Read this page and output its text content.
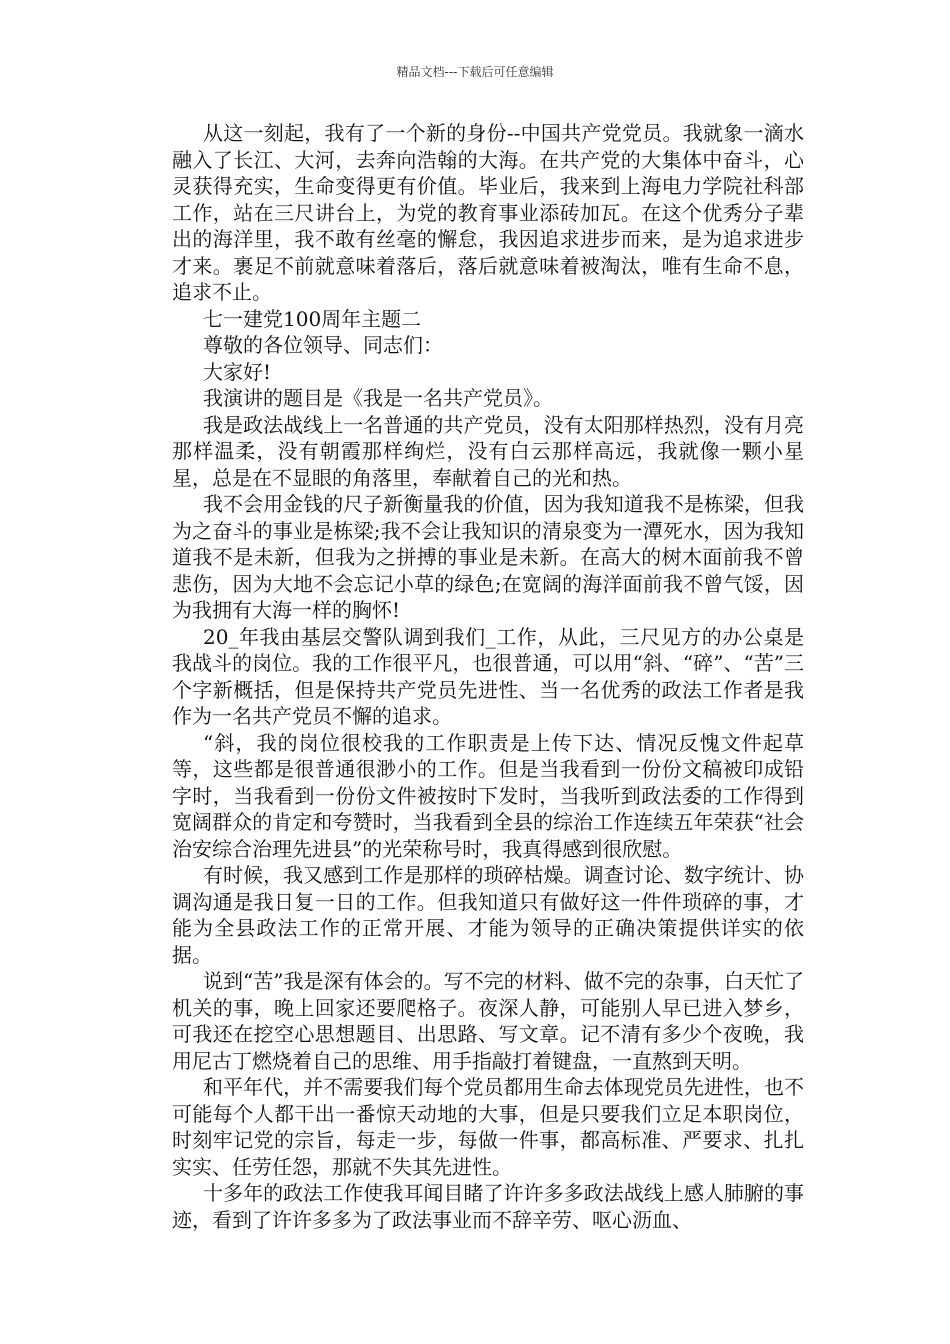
精品文档---下载后可任意编辑

从这一刻起，我有了一个新的身份--中国共产党党员。我就象一滴水融入了长江、大河，去奔向浩翰的大海。在共产党的大集体中奋斗，心灵获得充实，生命变得更有价值。毕业后，我来到上海电力学院社科部工作，站在三尺讲台上，为党的教育事业添砖加瓦。在这个优秀分子辈出的海洋里，我不敢有丝毫的懈怠，我因追求进步而来，是为追求进步才来。裹足不前就意味着落后，落后就意味着被淘汰，唯有生命不息，追求不止。

七一建党100周年主题二

尊敬的各位领导、同志们：

大家好!

我演讲的题目是《我是一名共产党员》。

我是政法战线上一名普通的共产党员，没有太阳那样热烈，没有月亮那样温柔，没有朝霞那样绚烂，没有白云那样高远，我就像一颗小星星，总是在不显眼的角落里，奉献着自己的光和热。

我不会用金钱的尺子新衡量我的价值，因为我知道我不是栋梁，但我为之奋斗的事业是栋梁;我不会让我知识的清泉变为一潭死水，因为我知道我不是未新，但我为之拼搏的事业是未新。在高大的树木面前我不曾悲伤，因为大地不会忘记小草的绿色;在宽阔的海洋面前我不曾气馁，因为我拥有大海一样的胸怀!

20_年我由基层交警队调到我们_工作，从此，三尺见方的办公桌是我战斗的岗位。我的工作很平凡，也很普通，可以用“斜、“碎”、“苦”三个字新概括，但是保持共产党员先进性、当一名优秀的政法工作者是我作为一名共产党员不懈的追求。

“斜，我的岗位很校我的工作职责是上传下达、情况反愧文件起草等，这些都是很普通很渺小的工作。但是当我看到一份份文稿被印成铅字时，当我看到一份份文件被按时下发时，当我听到政法委的工作得到宽阔群众的肯定和夸赞时，当我看到全县的综治工作连续五年荣获“社会治安综合治理先进县”的光荣称号时，我真得感到很欣慰。

有时候，我又感到工作是那样的琐碎枯燥。调查讨论、数字统计、协调沟通是我日复一日的工作。但我知道只有做好这一件件琐碎的事，才能为全县政法工作的正常开展、才能为领导的正确决策提供详实的依据。

说到“苦”我是深有体会的。写不完的材料、做不完的杂事，白天忙了机关的事，晚上回家还要爬格子。夜深人静，可能别人早已进入梦乡，可我还在挖空心思想题目、出思路、写文章。记不清有多少个夜晚，我用尼古丁燃烧着自己的思维、用手指敲打着键盘，一直熬到天明。

和平年代，并不需要我们每个党员都用生命去体现党员先进性，也不可能每个人都干出一番惊天动地的大事，但是只要我们立足本职岗位，时刻牢记党的宗旨，每走一步，每做一件事，都高标准、严要求、扎扎实实、任劳任怨，那就不失其先进性。

十多年的政法工作使我耳闻目睹了许许多多政法战线上感人肺腑的事迹，看到了许许多多为了政法事业而不辞辛劳、呕心沥血、
